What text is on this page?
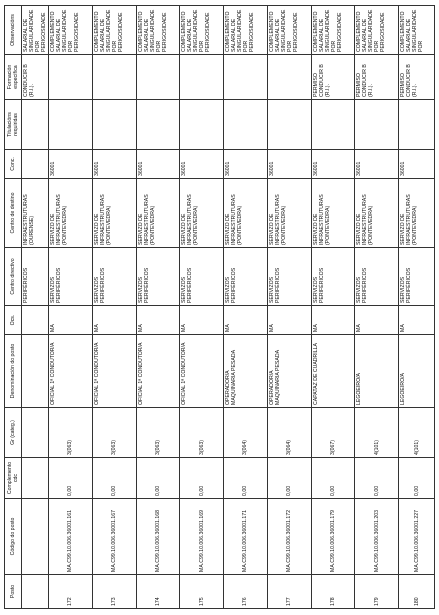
Posto	Código do posto	Complemento cdc	Gr (categ.)	Denominación do posto	Ocs.	Centro directivo	Centro de destino	Conc.	Titulacións requiridas	Formación específica	Observacións
						PERIFÉRICOS	INFRAESTRUTURAS (OURENSE)			CONDUCIR B (R.I.).	SALARIAL DE SINGULARIDADE POR PERIGOSIDADE
172	MA.C99.10.006.36001.161	0,00	3(063)	OFICIAL 1ª CONDUTOR/A	MA	SERVIZOS PERIFÉRICOS	SERVIZO DE INFRAESTRUTURAS (PONTEVEDRA)	36001			COMPLEMENTO SALARIAL DE SINGULARIDADE POR PERIGOSIDADE
173	MA.C99.10.006.36001.167	0,00	3(063)	OFICIAL 1ª CONDUTOR/A	MA	SERVIZOS PERIFÉRICOS	SERVIZO DE INFRAESTRUTURAS (PONTEVEDRA)	36001			COMPLEMENTO SALARIAL DE SINGULARIDADE POR PERIGOSIDADE
174	MA.C99.10.006.36001.168	0,00	3(063)	OFICIAL 1ª CONDUTOR/A	MA	SERVIZOS PERIFÉRICOS	SERVIZO DE INFRAESTRUTURAS (PONTEVEDRA)	36001			COMPLEMENTO SALARIAL DE SINGULARIDADE POR PERIGOSIDADE
175	MA.C99.10.006.36001.169	0,00	3(063)	OFICIAL 1ª CONDUTOR/A	MA	SERVIZOS PERIFÉRICOS	SERVIZO DE INFRAESTRUTURAS (PONTEVEDRA)	36001			COMPLEMENTO SALARIAL DE SINGULARIDADE POR PERIGOSIDADE
176	MA.C99.10.006.36001.171	0,00	3(064)	OPERADOR/A MAQUINARIA PESADA	MA	SERVIZOS PERIFÉRICOS	SERVIZO DE INFRAESTRUTURAS (PONTEVEDRA)	36001			COMPLEMENTO SALARIAL DE SINGULARIDADE POR PERIGOSIDADE
177	MA.C99.10.006.36001.172	0,00	3(064)	OPERADOR/A MAQUINARIA PESADA	MA	SERVIZOS PERIFÉRICOS	SERVIZO DE INFRAESTRUTURAS (PONTEVEDRA)	36001			COMPLEMENTO SALARIAL DE SINGULARIDADE POR PERIGOSIDADE
178	MA.C99.10.006.36001.179	0,00	3(067)	CAPATAZ DE CUADRILLA	MA	SERVIZOS PERIFÉRICOS	SERVIZO DE INFRAESTRUTURAS (PONTEVEDRA)	36001		PERMISO CONDUCIR B (R.I.).	COMPLEMENTO SALARIAL DE SINGULARIDADE POR PERIGOSIDADE
179	MA.C99.10.006.36001.203	0,00	4(101)	LEGOEIRO/A	MA	SERVIZOS PERIFÉRICOS	SERVIZO DE INFRAESTRUTURAS (PONTEVEDRA)	36001		PERMISO CONDUCIR B (R.I.).	COMPLEMENTO SALARIAL DE SINGULARIDADE POR PERIGOSIDADE
180	MA.C99.10.006.36001.227	0,00	4(101)	LEGOEIRO/A	MA	SERVIZOS PERIFÉRICOS	SERVIZO DE INFRAESTRUTURAS (PONTEVEDRA)	36001		PERMISO CONDUCIR B (R.I.).	COMPLEMENTO SALARIAL DE SINGULARIDADE POR
